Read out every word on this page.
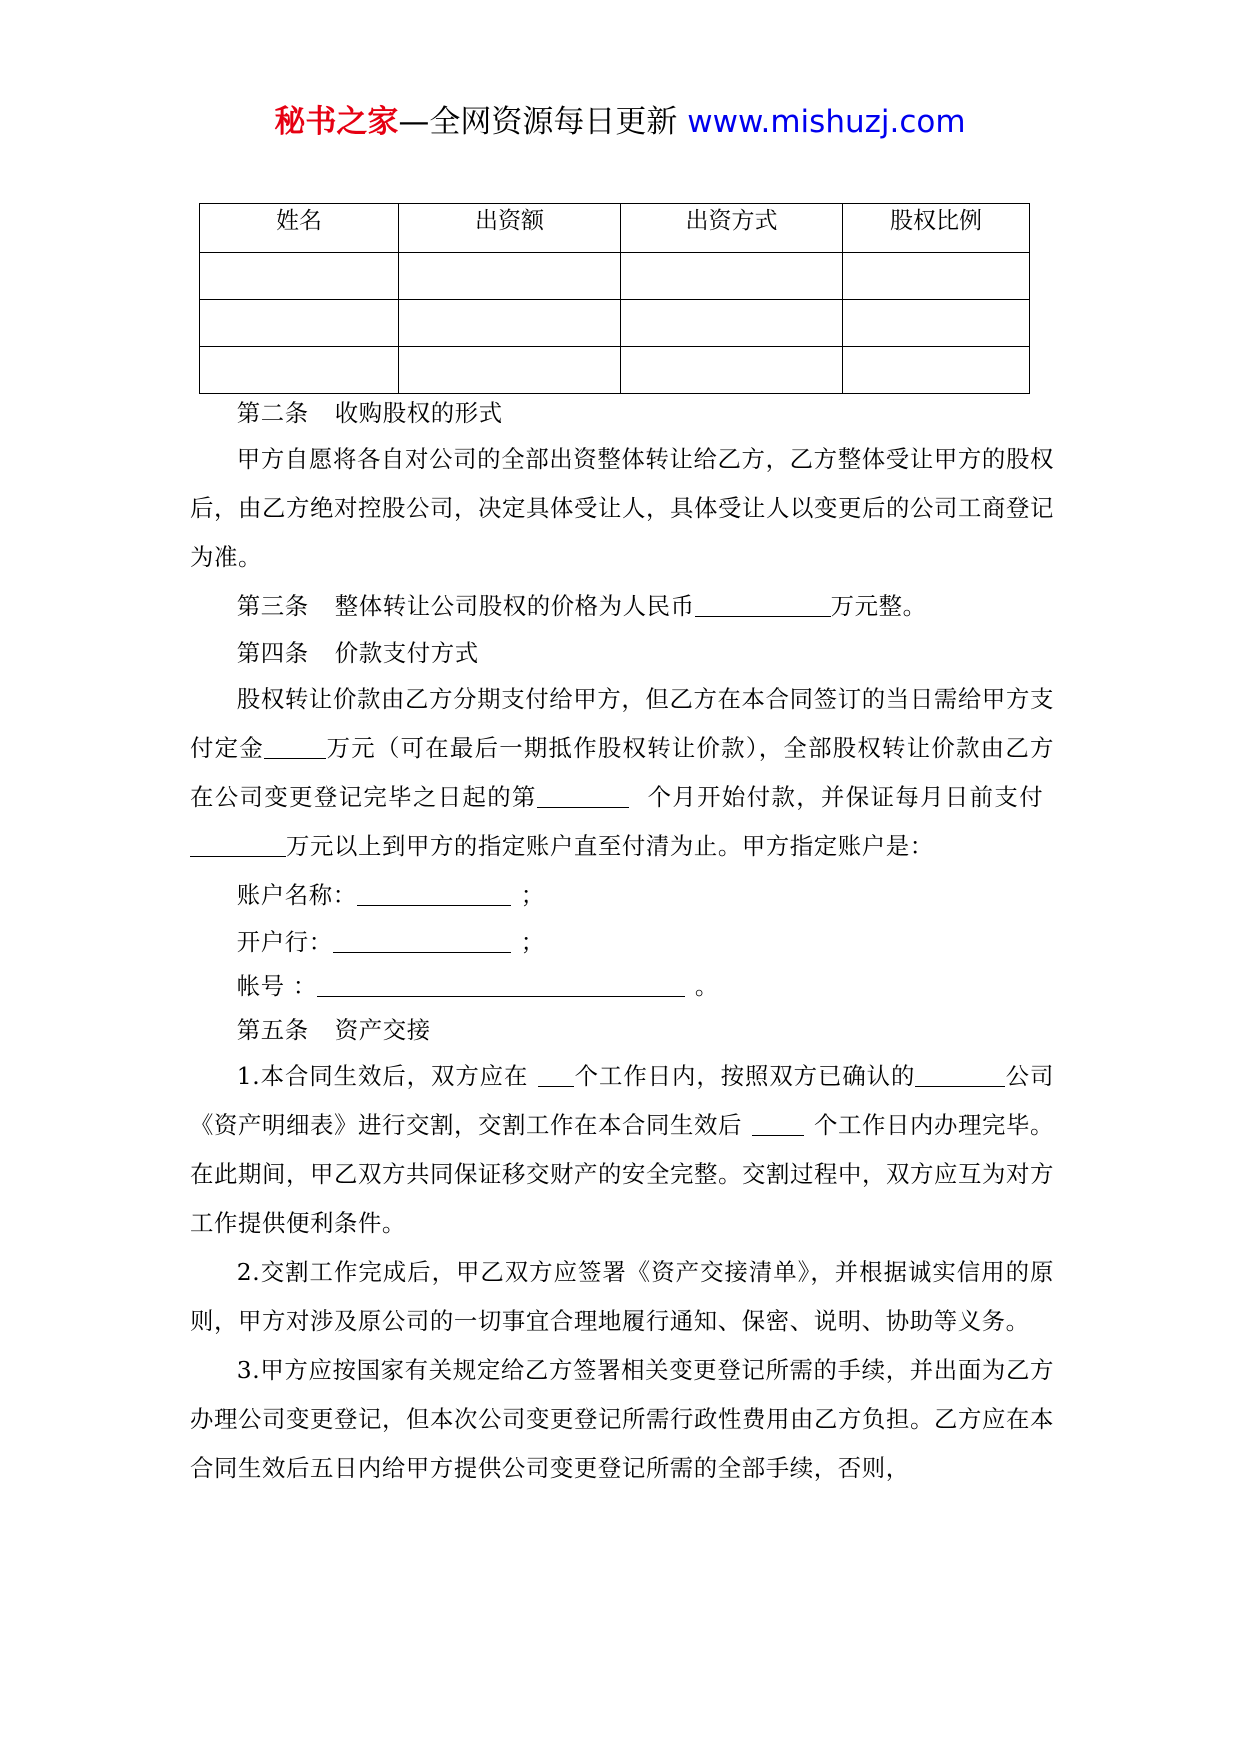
秘书之家—全网资源每日更新 www.mishuzj.com
姓名	出资额	出资方式	股权比例

第二条 收购股权的形式

甲方自愿将各自对公司的全部出资整体转让给乙方，乙方整体受让甲方的股权后，由乙方绝对控股公司，决定具体受让人，具体受让人以变更后的公司工商登记为准。

第三条 整体转让公司股权的价格为人民币	万元整。

第四条 价款支付方式

股权转让价款由乙方分期支付给甲方，但乙方在本合同签订的当日需给甲方支付定金	万元（可在最后一期抵作股权转让价款），全部股权转让价款由乙方在公司变更登记完毕之日起的第	个月开始付款，并保证每月日前支付万元以上到甲方的指定账户直至付清为止。甲方指定账户是：

账户名称：	；

开户行：	；

帐号 ：	。

第五条 资产交接

1.本合同生效后，双方应在 个工作日内，按照双方已确认的	公司《资产明细表》进行交割，交割工作在本合同生效后	个工作日内办理完毕。在此期间，甲乙双方共同保证移交财产的安全完整。交割过程中，双方应互为对方工作提供便利条件。

2.交割工作完成后，甲乙双方应签署《资产交接清单》，并根据诚实信用的原则，甲方对涉及原公司的一切事宜合理地履行通知、保密、说明、协助等义务。

3.甲方应按国家有关规定给乙方签署相关变更登记所需的手续，并出面为乙方办理公司变更登记，但本次公司变更登记所需行政性费用由乙方负担。乙方应在本合同生效后五日内给甲方提供公司变更登记所需的全部手续，否则，
